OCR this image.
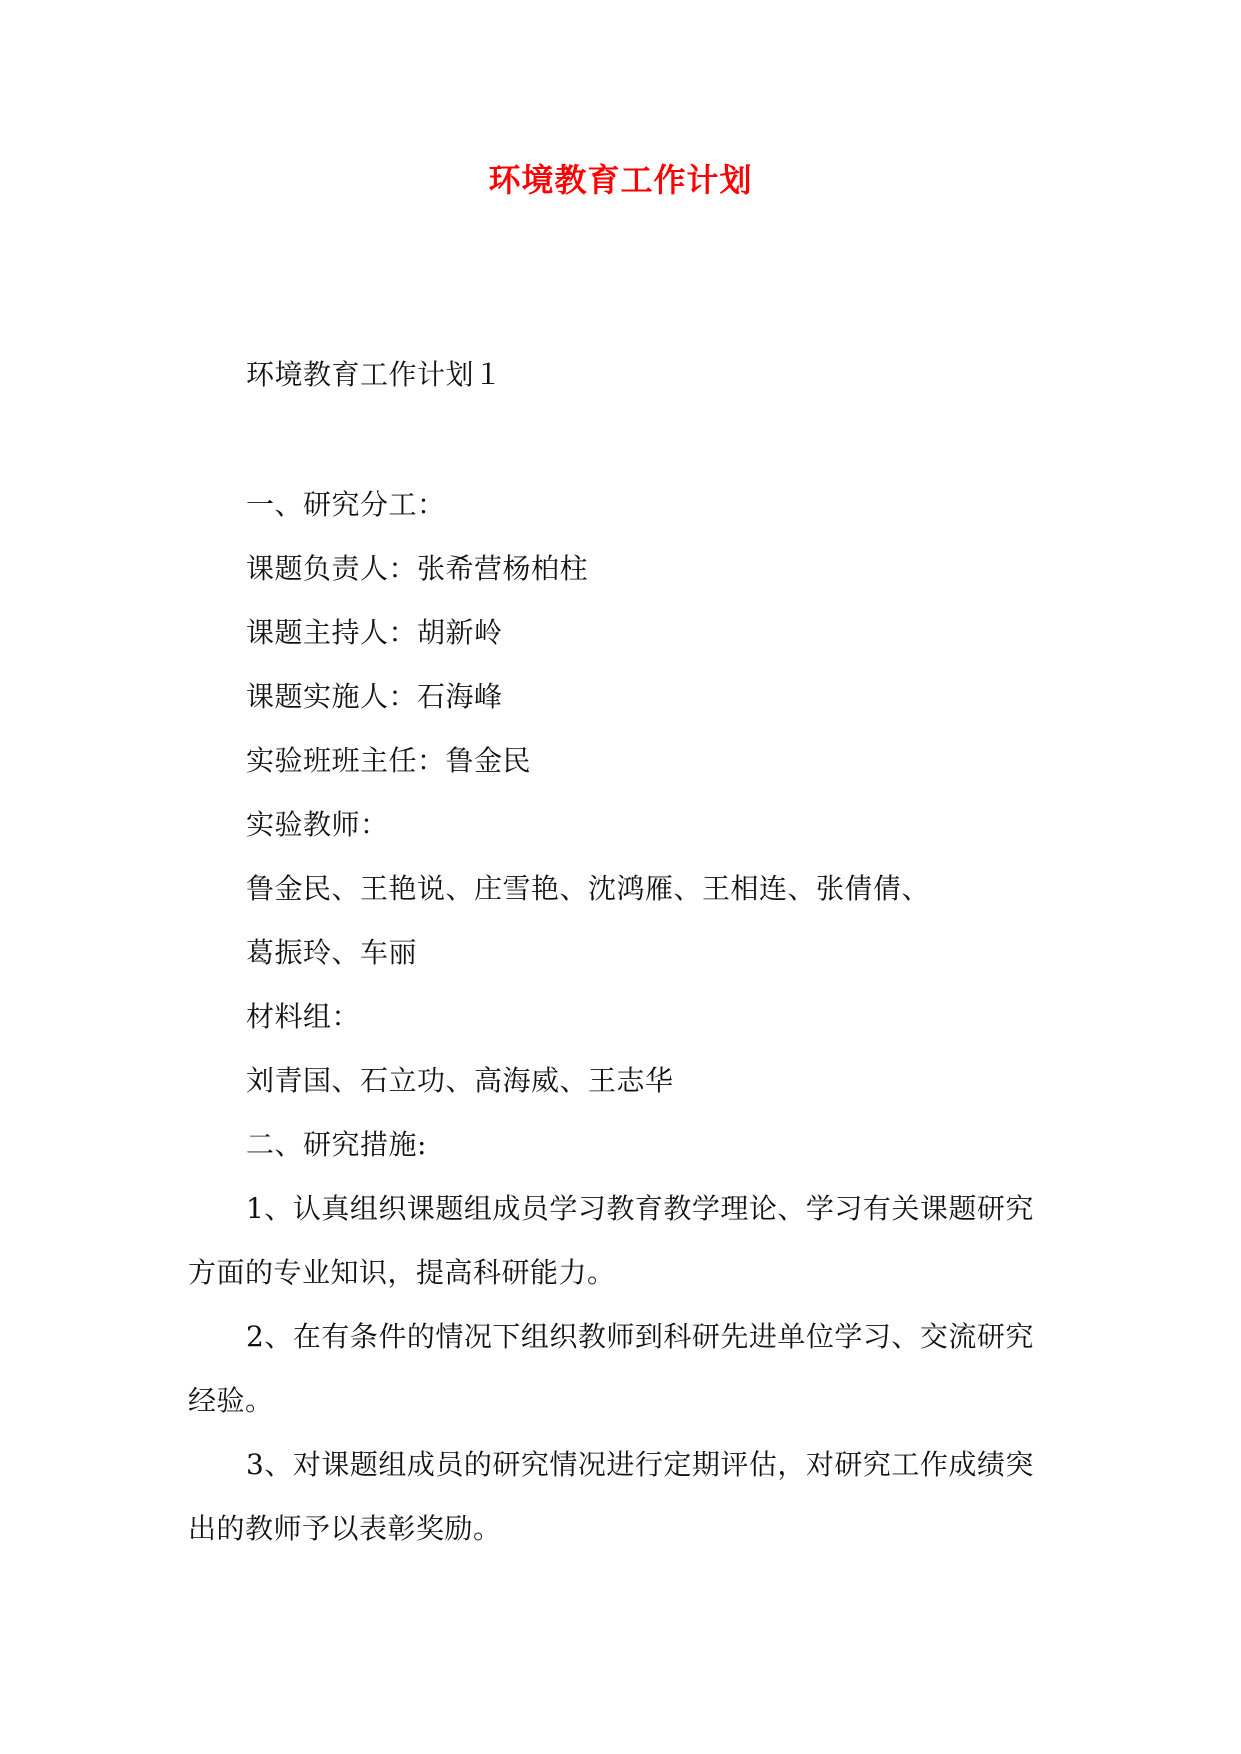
环境教育工作计划
环境教育工作计划１
一、研究分工：
课题负责人：张希营杨柏柱
课题主持人：胡新岭
课题实施人：石海峰
实验班班主任：鲁金民
实验教师：
鲁金民、王艳说、庄雪艳、沈鸿雁、王相连、张倩倩、
葛振玲、车丽
材料组：
刘青国、石立功、高海威、王志华
二、研究措施:
1、认真组织课题组成员学习教育教学理论、学习有关课题研究
方面的专业知识，提高科研能力。
2、在有条件的情况下组织教师到科研先进单位学习、交流研究
经验。
3、对课题组成员的研究情况进行定期评估，对研究工作成绩突
出的教师予以表彰奖励。
